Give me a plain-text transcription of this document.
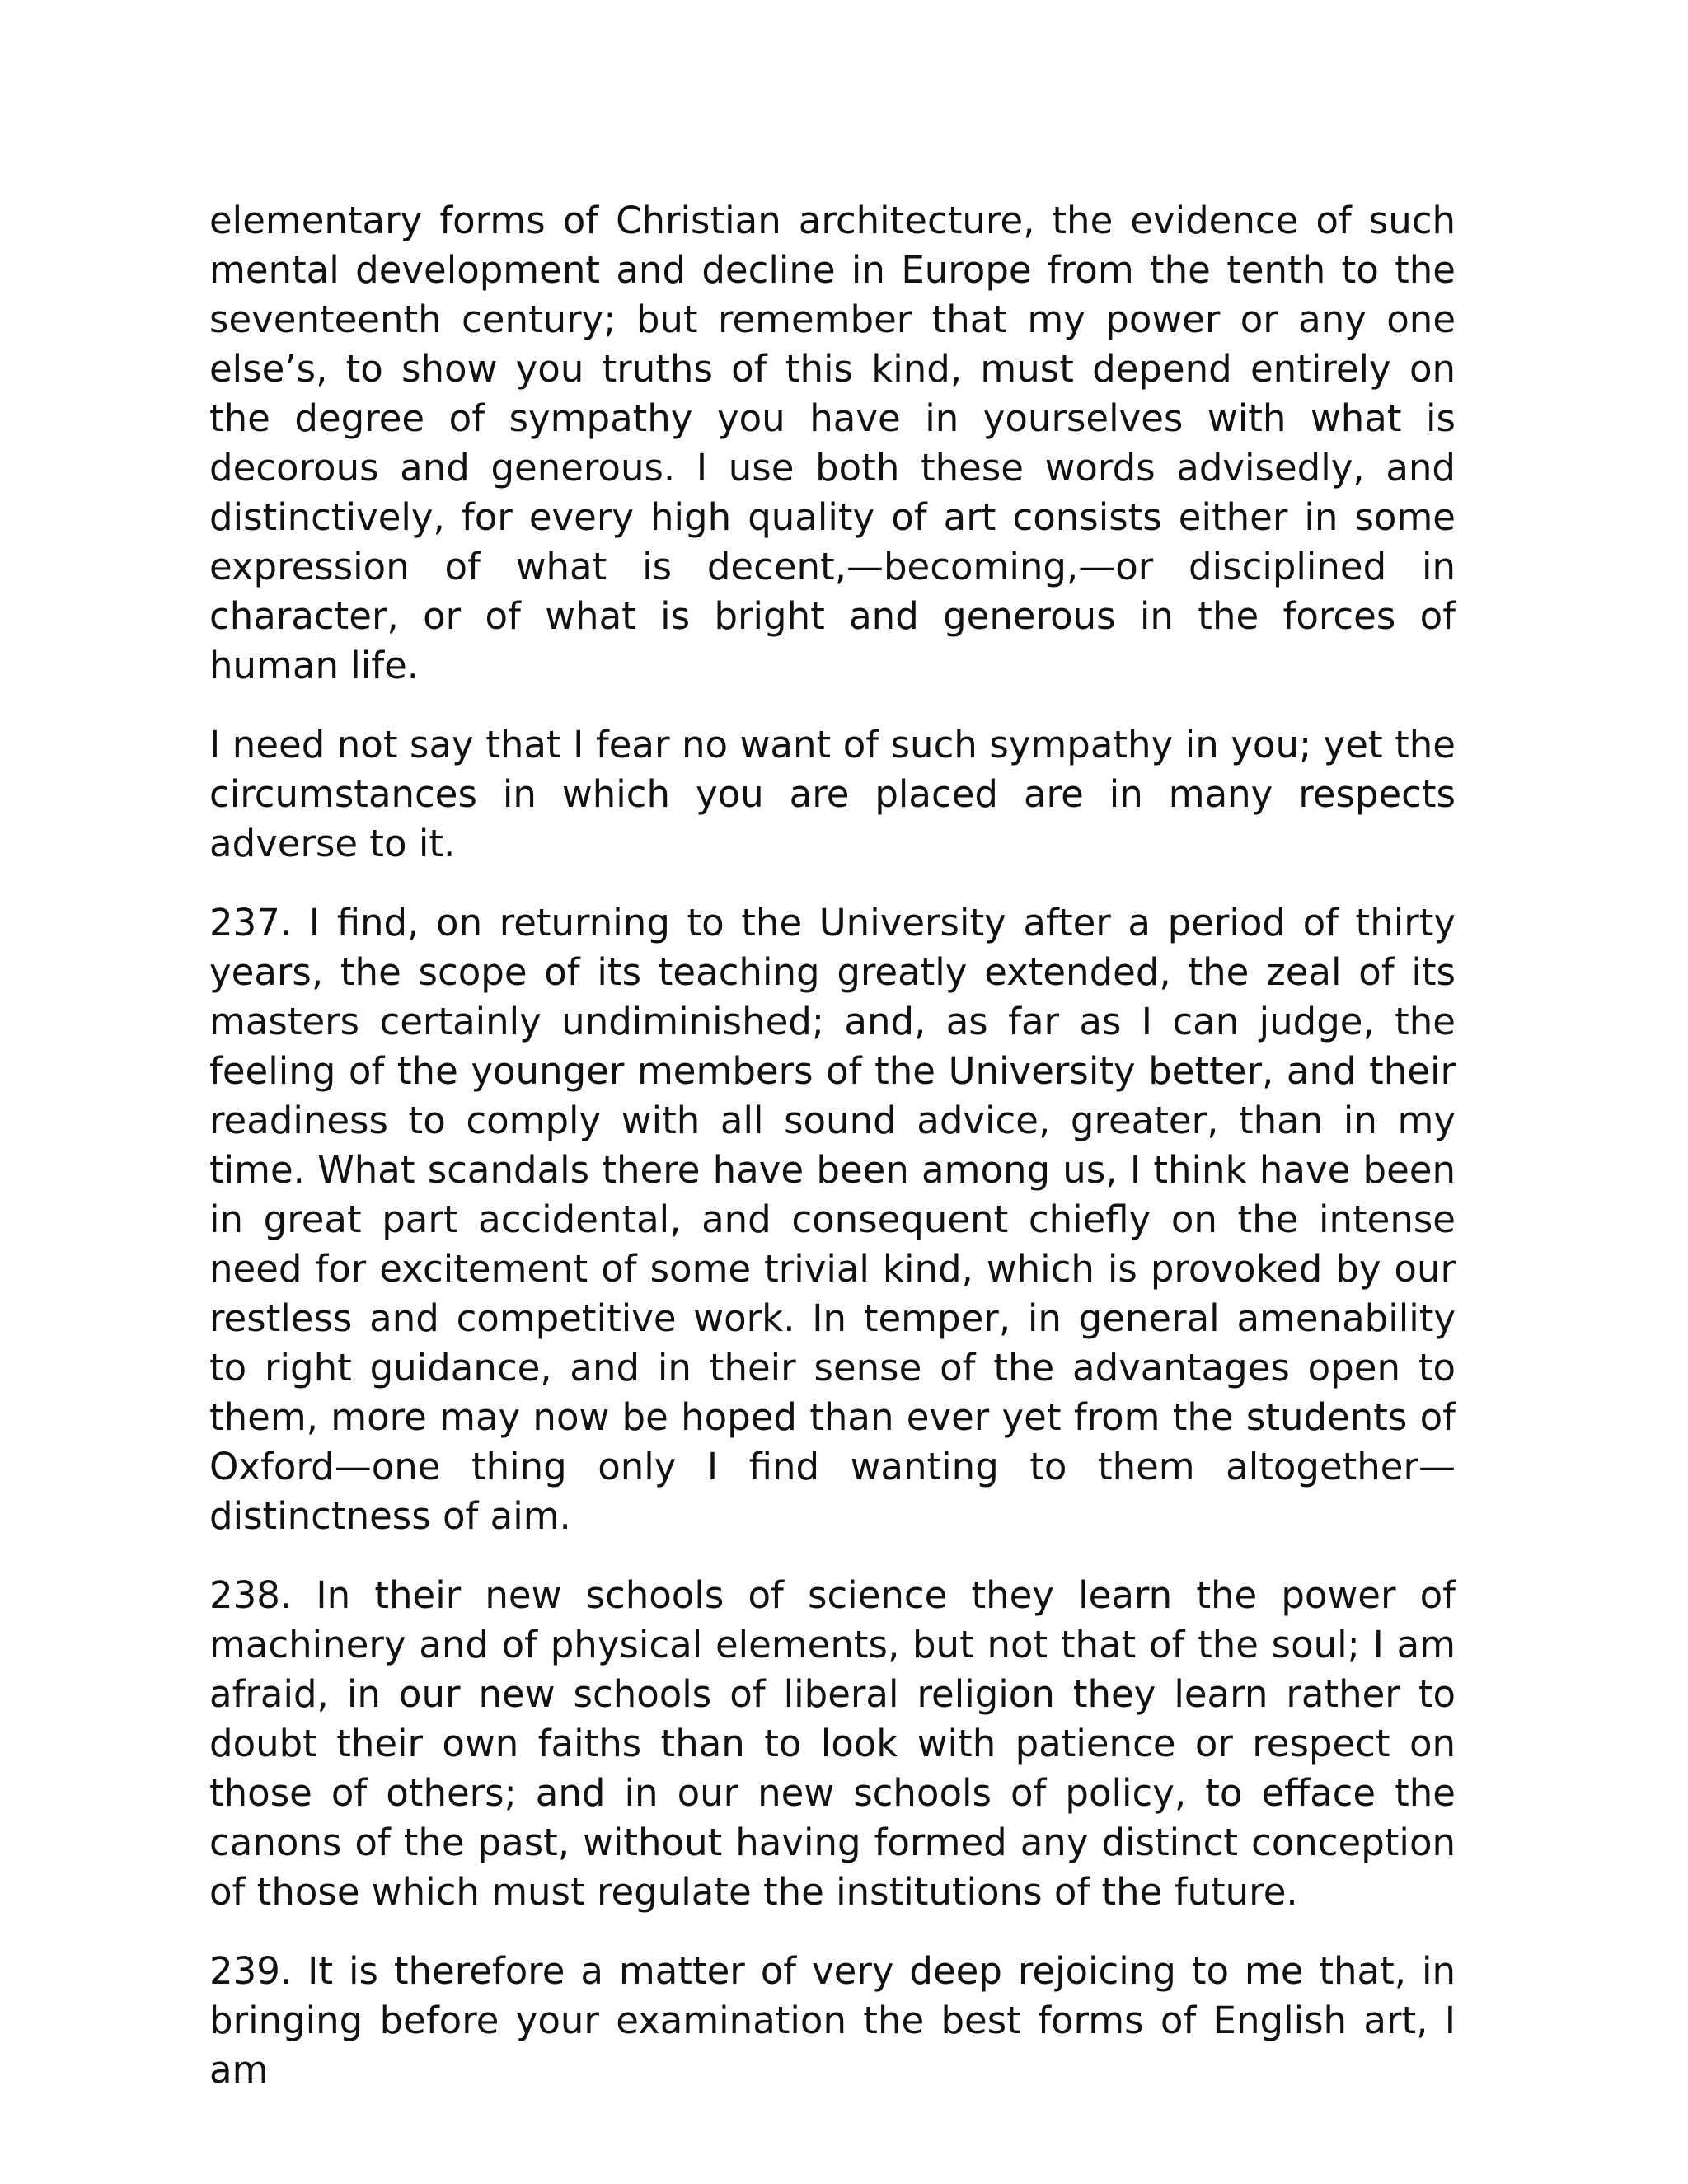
elementary forms of Christian architecture, the evidence of such mental development and decline in Europe from the tenth to the seventeenth century; but remember that my power or any one else’s, to show you truths of this kind, must depend entirely on the degree of sympathy you have in yourselves with what is decorous and generous. I use both these words advisedly, and distinctively, for every high quality of art consists either in some expression of what is decent,—becoming,—or disciplined in character, or of what is bright and generous in the forces of human life.

I need not say that I fear no want of such sympathy in you; yet the circumstances in which you are placed are in many respects adverse to it.

237. I find, on returning to the University after a period of thirty years, the scope of its teaching greatly extended, the zeal of its masters certainly undiminished; and, as far as I can judge, the feeling of the younger members of the University better, and their readiness to comply with all sound advice, greater, than in my time. What scandals there have been among us, I think have been in great part accidental, and consequent chiefly on the intense need for excitement of some trivial kind, which is provoked by our restless and competitive work. In temper, in general amenability to right guidance, and in their sense of the advantages open to them, more may now be hoped than ever yet from the students of Oxford—one thing only I find wanting to them altogether—distinctness of aim.

238. In their new schools of science they learn the power of machinery and of physical elements, but not that of the soul; I am afraid, in our new schools of liberal religion they learn rather to doubt their own faiths than to look with patience or respect on those of others; and in our new schools of policy, to efface the canons of the past, without having formed any distinct conception of those which must regulate the institutions of the future.

239. It is therefore a matter of very deep rejoicing to me that, in bringing before your examination the best forms of English art, I am
